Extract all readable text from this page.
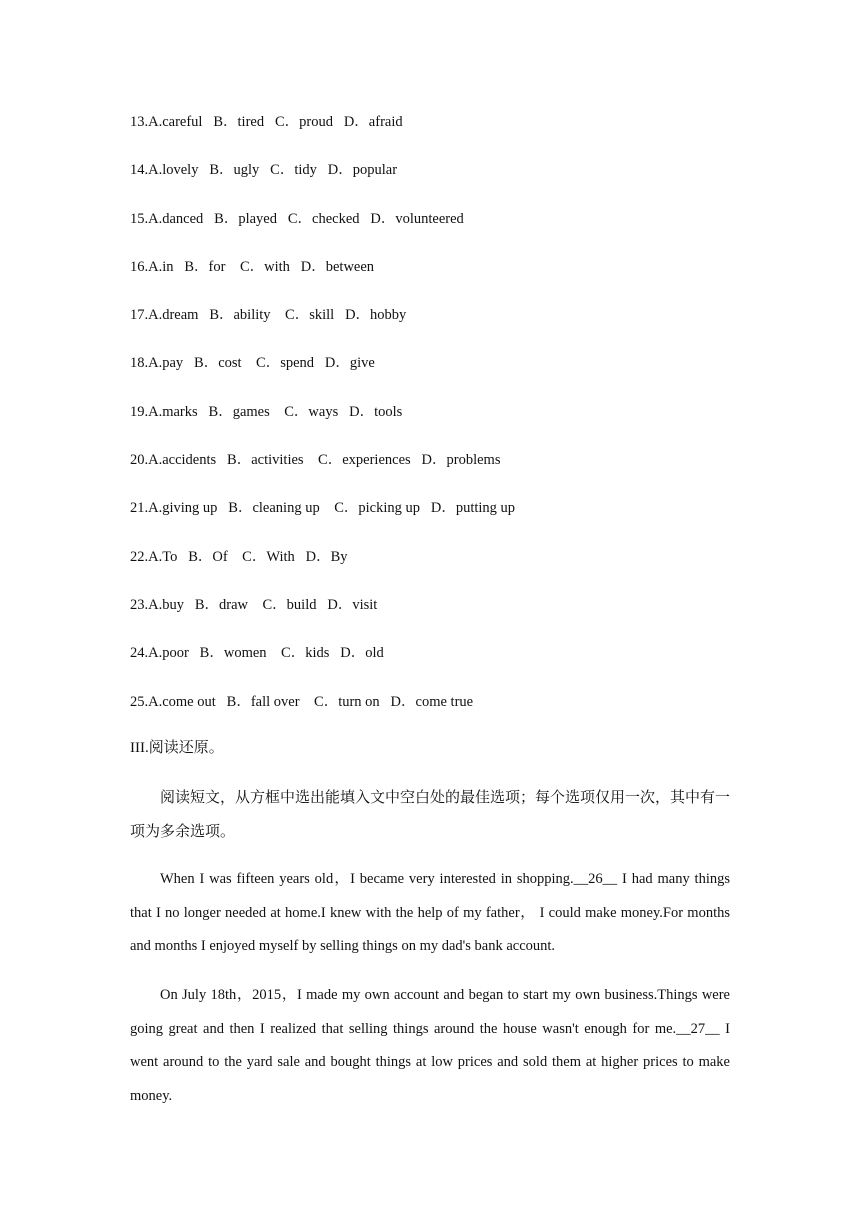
13.A.careful   B．tired   C．proud   D．afraid
14.A.lovely   B．ugly   C．tidy   D．popular
15.A.danced   B．played   C．checked   D．volunteered
16.A.in   B．for    C．with   D．between
17.A.dream   B．ability    C．skill   D．hobby
18.A.pay   B．cost    C．spend   D．give
19.A.marks   B．games    C．ways   D．tools
20.A.accidents   B．activities    C．experiences   D．problems
21.A.giving up   B．cleaning up    C．picking up   D．putting up
22.A.To   B．Of    C．With   D．By
23.A.buy   B．draw    C．build   D．visit
24.A.poor   B．women    C．kids   D．old
25.A.come out   B．fall over    C．turn on   D．come true
III.阅读还原。
阅读短文，从方框中选出能填入文中空白处的最佳选项；每个选项仅用一次，其中有一项为多余选项。
When I was fifteen years old，I became very interested in shopping.__26__ I had many things that I no longer needed at home.I knew with the help of my father， I could make money.For months and months I enjoyed myself by selling things on my dad's bank account.
On July 18th，2015，I made my own account and began to start my own business.Things were going great and then I realized that selling things around the house wasn't enough for me.__27__ I went around to the yard sale and bought things at low prices and sold them at higher prices to make money.
